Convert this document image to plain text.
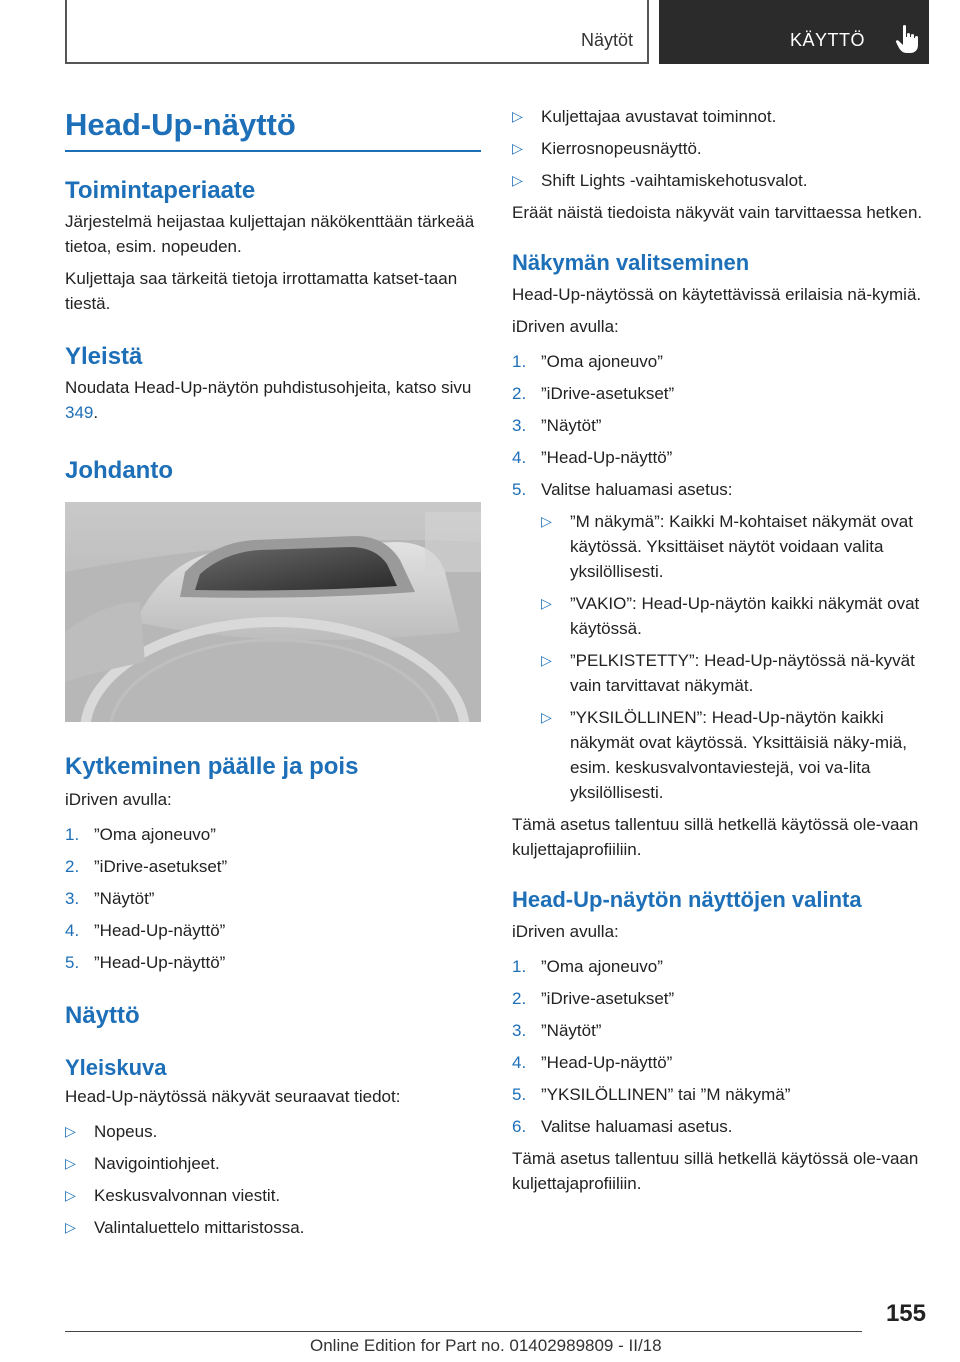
Näytöt	KÄYTTÖ
Head-Up-näyttö
Toimintaperiaate

Järjestelmä heijastaa kuljettajan näkökenttään tärkeää tietoa, esim. nopeuden.

Kuljettaja saa tärkeitä tietoja irrottamatta katset-taan tiestä.

Yleistä

Noudata Head-Up-näytön puhdistusohjeita, katso sivu 349.

Johdanto
Kytkeminen päälle ja pois

iDriven avulla:

1. ”Oma ajoneuvo”
2. ”iDrive-asetukset”
3. ”Näytöt”
4. ”Head-Up-näyttö”
5. ”Head-Up-näyttö”
Näyttö
Yleiskuva

Head-Up-näytössä näkyvät seuraavat tiedot:

▷ Nopeus.
▷ Navigointiohjeet.
▷ Keskusvalvonnan viestit.
▷ Valintaluettelo mittaristossa.
▷ Kuljettajaa avustavat toiminnot.
▷ Kierrosnopeusnäyttö.
▷ Shift Lights -vaihtamiskehotusvalot.

Eräät näistä tiedoista näkyvät vain tarvittaessa hetken.

Näkymän valitseminen

Head-Up-näytössä on käytettävissä erilaisia nä-kymiä.

iDriven avulla:

1. ”Oma ajoneuvo”
2. ”iDrive-asetukset”
3. ”Näytöt”
4. ”Head-Up-näyttö”
5. Valitse haluamasi asetus:
▷ ”M näkymä”: Kaikki M-kohtaiset näkymät ovat käytössä. Yksittäiset näytöt voidaan valita yksilöllisesti.
▷ ”VAKIO”: Head-Up-näytön kaikki näkymät ovat käytössä.
▷ ”PELKISTETTY”: Head-Up-näytössä nä-kyvät vain tarvittavat näkymät.
▷ ”YKSILÖLLINEN”: Head-Up-näytön kaikki näkymät ovat käytössä. Yksittäisiä näky-miä, esim. keskusvalvontaviestejä, voi va-lita yksilöllisesti.

Tämä asetus tallentuu sillä hetkellä käytössä ole-vaan kuljettajaprofiiliin.

Head-Up-näytön näyttöjen valinta

iDriven avulla:

1. ”Oma ajoneuvo”
2. ”iDrive-asetukset”
3. ”Näytöt”
4. ”Head-Up-näyttö”
5. ”YKSILÖLLINEN” tai ”M näkymä”
6. Valitse haluamasi asetus.

Tämä asetus tallentuu sillä hetkellä käytössä ole-vaan kuljettajaprofiiliin.

155
Online Edition for Part no. 01402989809 - II/18
